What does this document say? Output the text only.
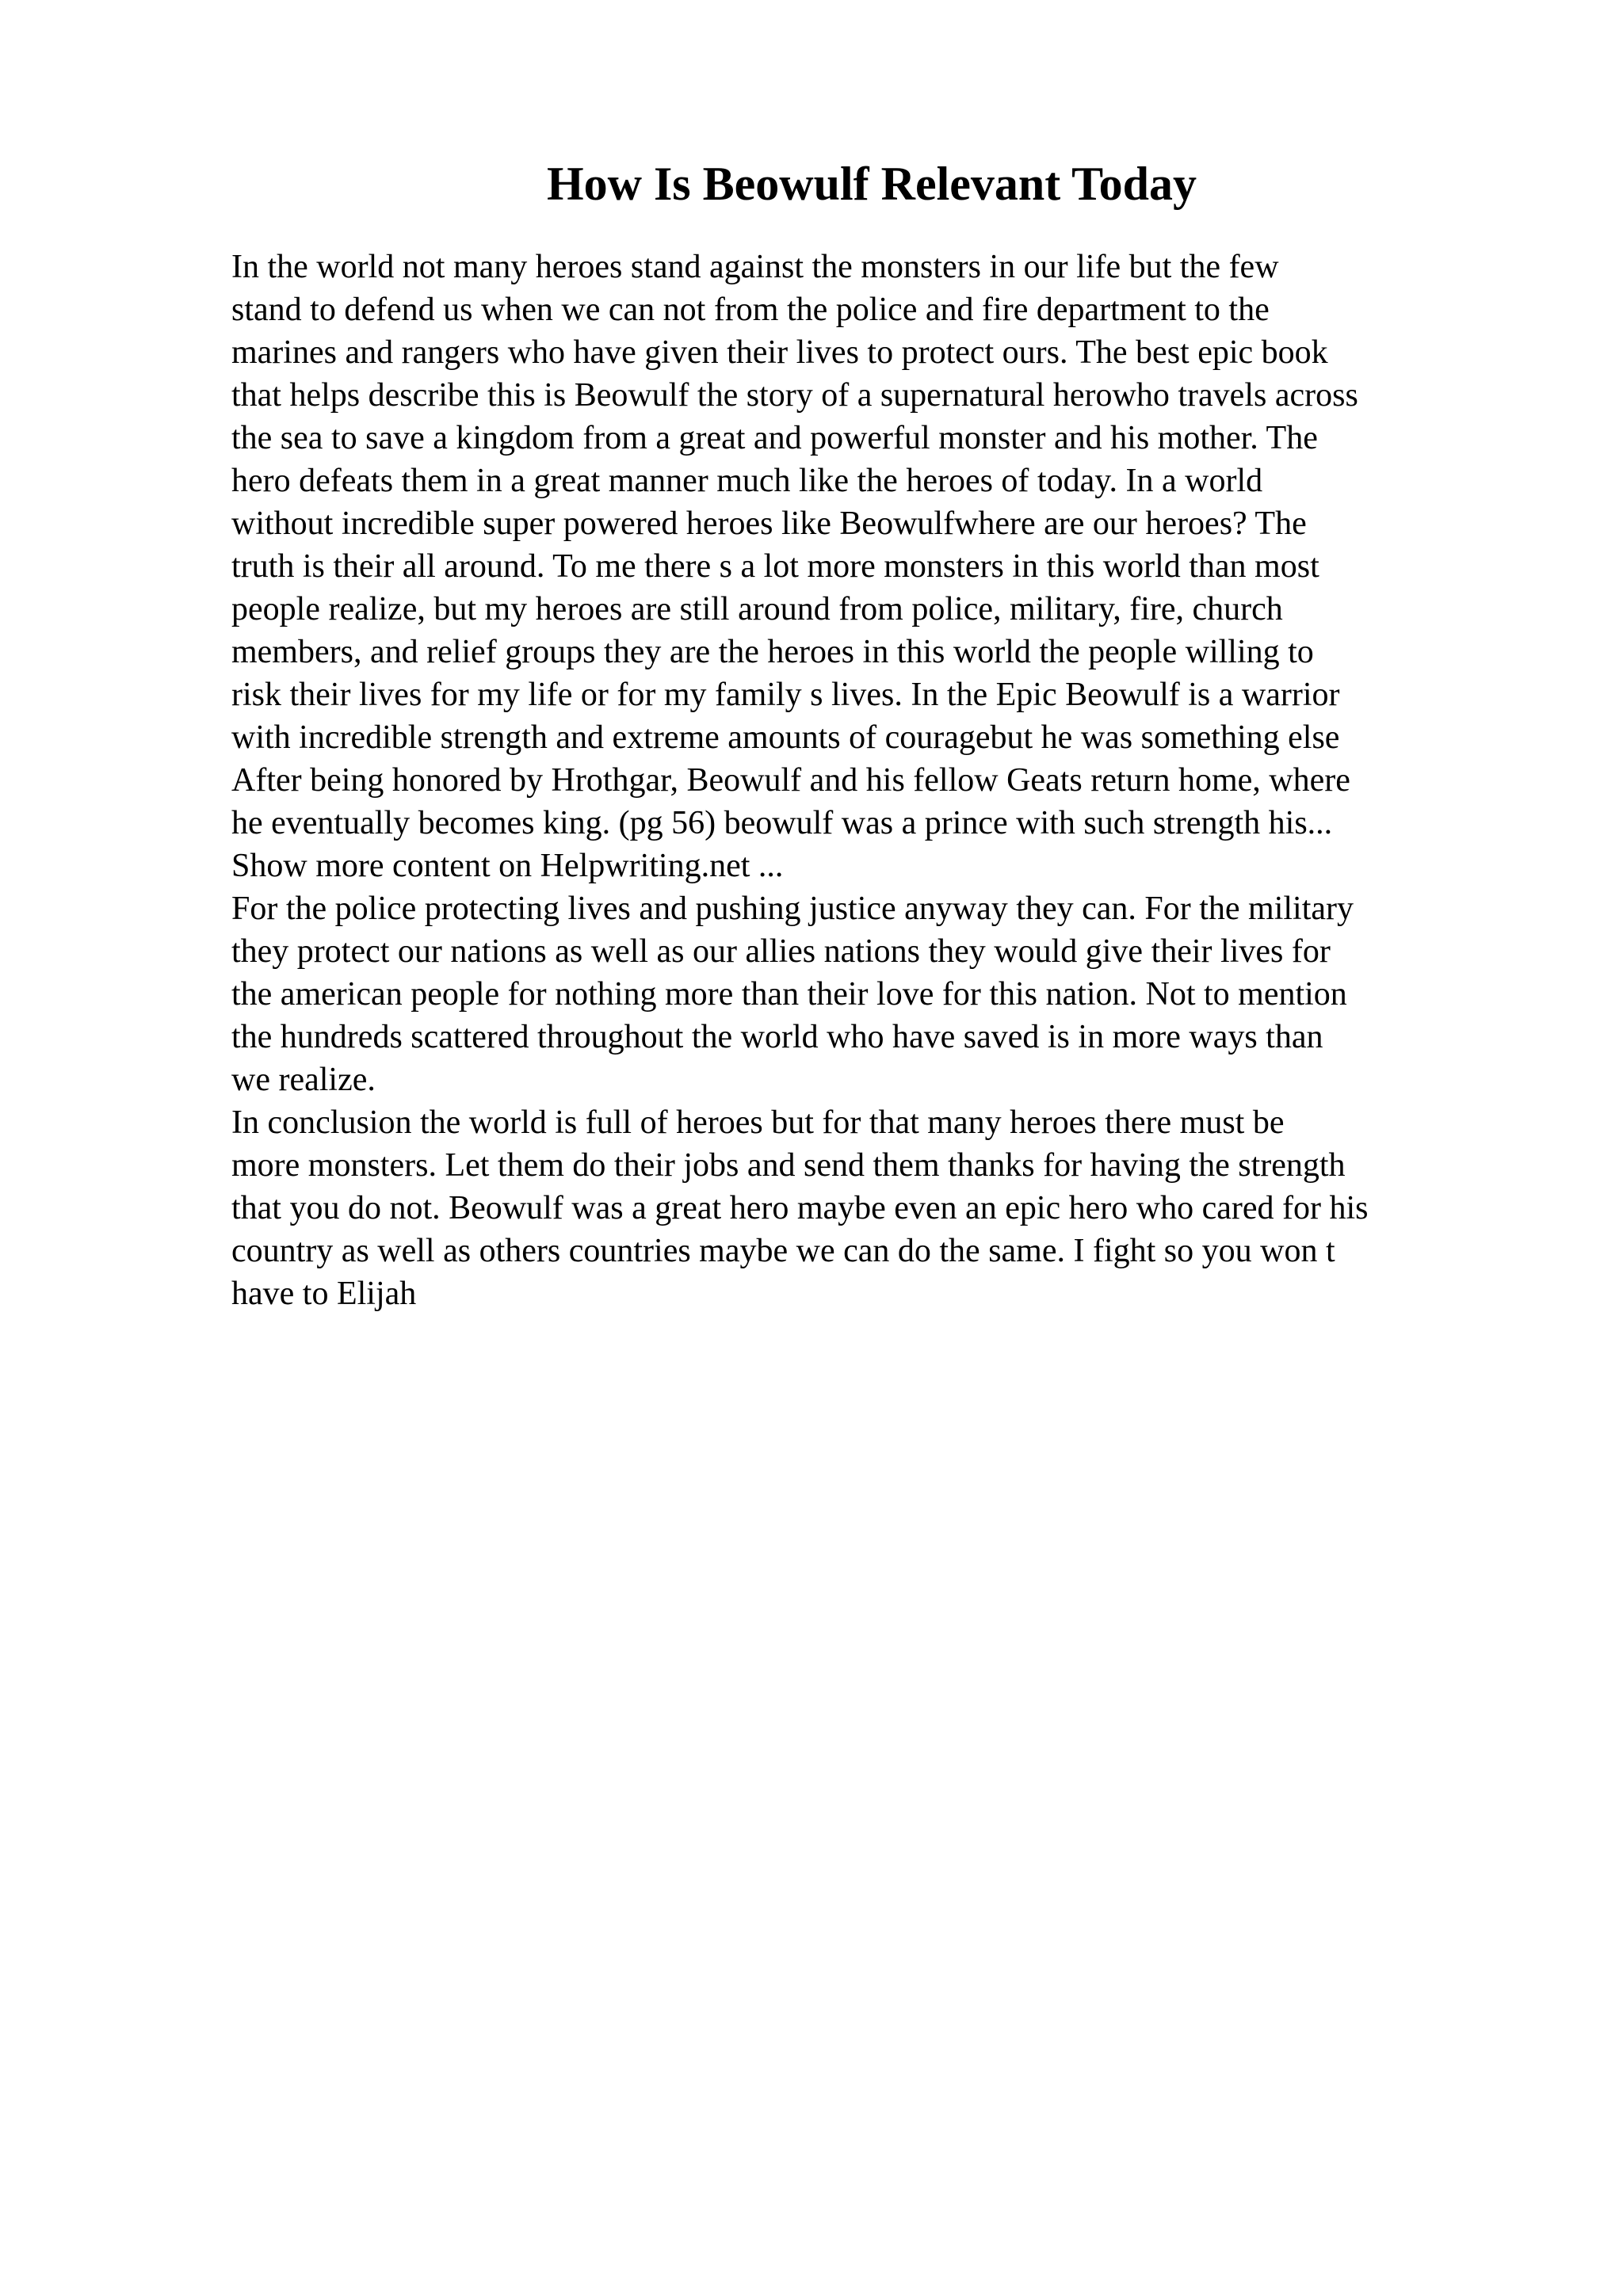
How Is Beowulf Relevant Today

In the world not many heroes stand against the monsters in our life but the few

stand to defend us when we can not from the police and fire department to the

marines and rangers who have given their lives to protect ours. The best epic book

that helps describe this is Beowulf the story of a supernatural herowho travels across

the sea to save a kingdom from a great and powerful monster and his mother. The

hero defeats them in a great manner much like the heroes of today. In a world

without incredible super powered heroes like Beowulfwhere are our heroes? The

truth is their all around. To me there s a lot more monsters in this world than most

people realize, but my heroes are still around from police, military, fire, church

members, and relief groups they are the heroes in this world the people willing to

risk their lives for my life or for my family s lives. In the Epic Beowulf is a warrior

with incredible strength and extreme amounts of couragebut he was something else

After being honored by Hrothgar, Beowulf and his fellow Geats return home, where

he eventually becomes king. (pg 56) beowulf was a prince with such strength his...

Show more content on Helpwriting.net ...

For the police protecting lives and pushing justice anyway they can. For the military

they protect our nations as well as our allies nations they would give their lives for

the american people for nothing more than their love for this nation. Not to mention

the hundreds scattered throughout the world who have saved is in more ways than

we realize.

In conclusion the world is full of heroes but for that many heroes there must be

more monsters. Let them do their jobs and send them thanks for having the strength

that you do not. Beowulf was a great hero maybe even an epic hero who cared for his

country as well as others countries maybe we can do the same. I fight so you won t

have to Elijah
